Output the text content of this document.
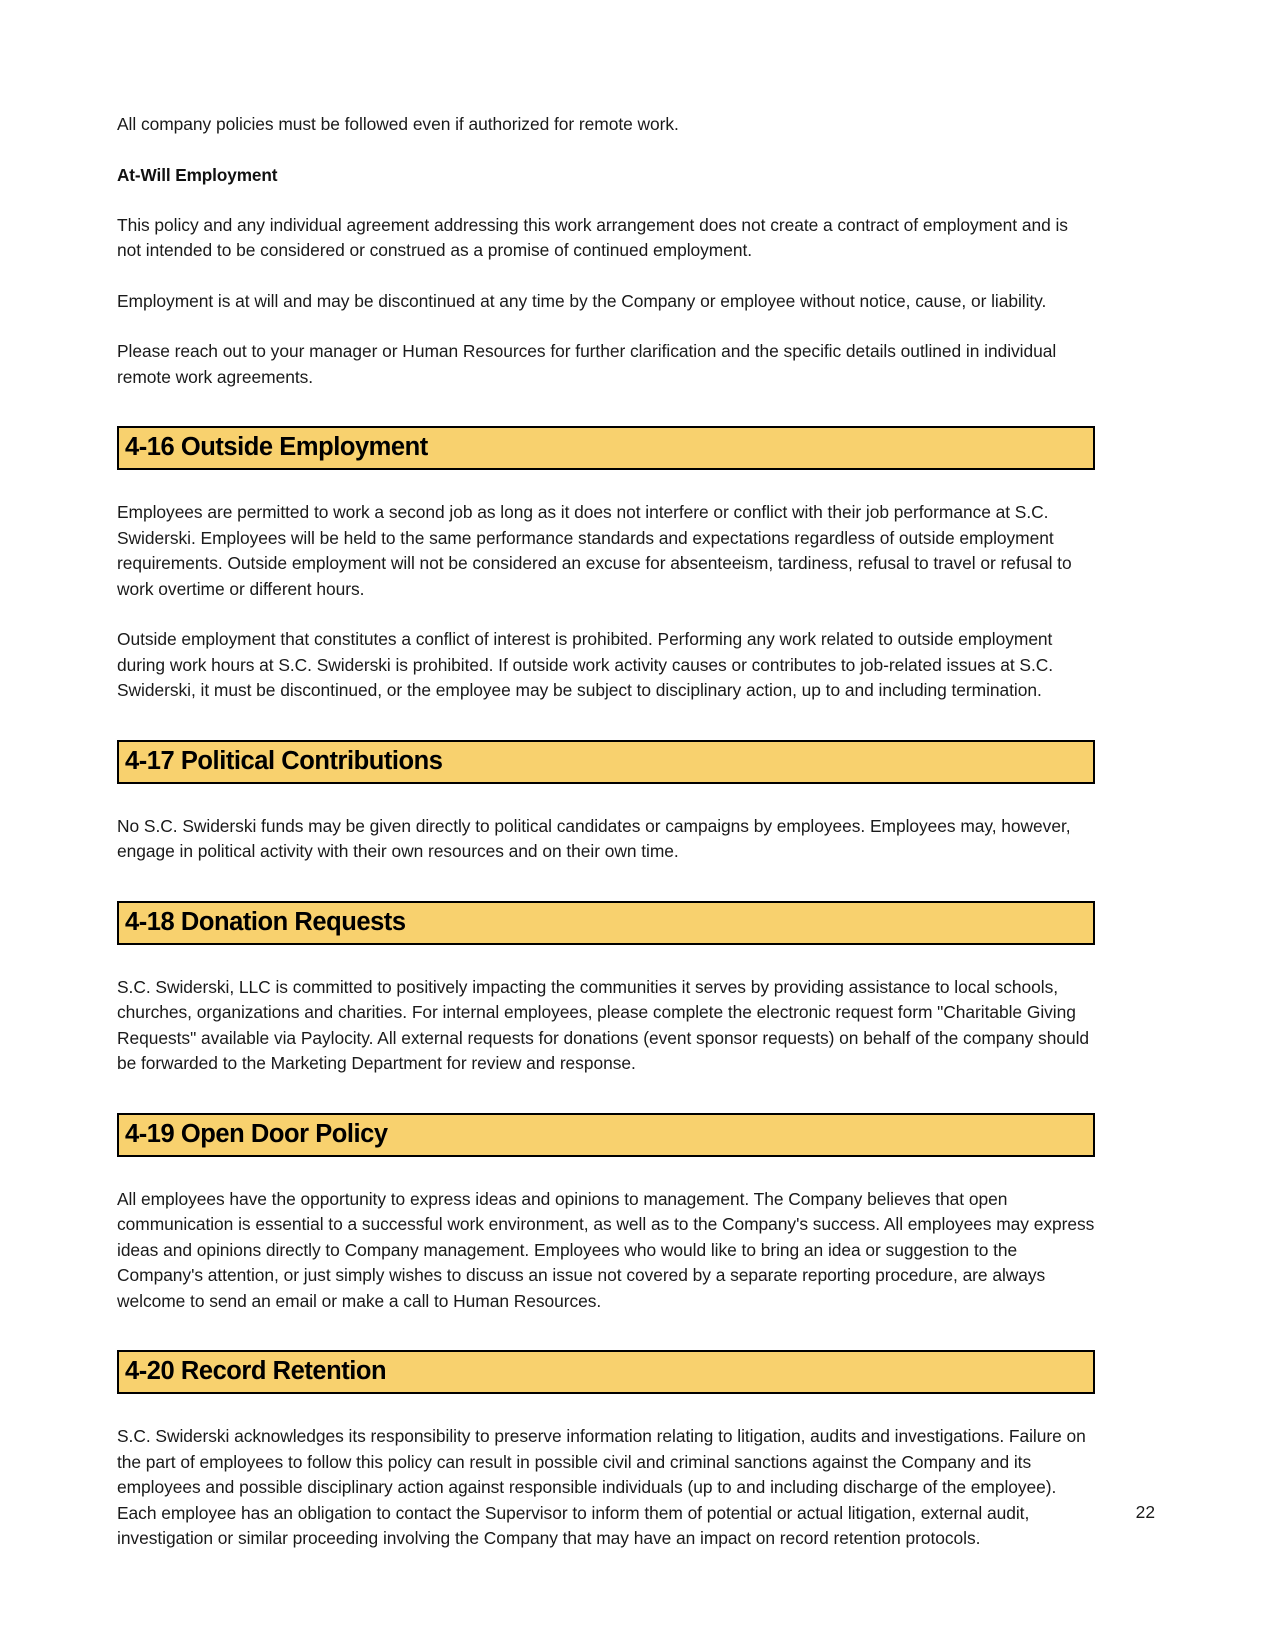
All company policies must be followed even if authorized for remote work.

At-Will Employment

This policy and any individual agreement addressing this work arrangement does not create a contract of employment and is not intended to be considered or construed as a promise of continued employment.

Employment is at will and may be discontinued at any time by the Company or employee without notice, cause, or liability.

Please reach out to your manager or Human Resources for further clarification and the specific details outlined in individual remote work agreements.

4-16 Outside Employment

Employees are permitted to work a second job as long as it does not interfere or conflict with their job performance at S.C. Swiderski. Employees will be held to the same performance standards and expectations regardless of outside employment requirements. Outside employment will not be considered an excuse for absenteeism, tardiness, refusal to travel or refusal to work overtime or different hours.

Outside employment that constitutes a conflict of interest is prohibited. Performing any work related to outside employment during work hours at S.C. Swiderski is prohibited. If outside work activity causes or contributes to job-related issues at S.C. Swiderski, it must be discontinued, or the employee may be subject to disciplinary action, up to and including termination.

4-17 Political Contributions

No S.C. Swiderski funds may be given directly to political candidates or campaigns by employees. Employees may, however, engage in political activity with their own resources and on their own time.

4-18 Donation Requests

S.C. Swiderski, LLC is committed to positively impacting the communities it serves by providing assistance to local schools, churches, organizations and charities. For internal employees, please complete the electronic request form "Charitable Giving Requests" available via Paylocity. All external requests for donations (event sponsor requests) on behalf of the company should be forwarded to the Marketing Department for review and response.

4-19 Open Door Policy

All employees have the opportunity to express ideas and opinions to management. The Company believes that open communication is essential to a successful work environment, as well as to the Company's success. All employees may express ideas and opinions directly to Company management. Employees who would like to bring an idea or suggestion to the Company's attention, or just simply wishes to discuss an issue not covered by a separate reporting procedure, are always welcome to send an email or make a call to Human Resources.

4-20 Record Retention

S.C. Swiderski acknowledges its responsibility to preserve information relating to litigation, audits and investigations. Failure on the part of employees to follow this policy can result in possible civil and criminal sanctions against the Company and its employees and possible disciplinary action against responsible individuals (up to and including discharge of the employee). Each employee has an obligation to contact the Supervisor to inform them of potential or actual litigation, external audit, investigation or similar proceeding involving the Company that may have an impact on record retention protocols.

22
